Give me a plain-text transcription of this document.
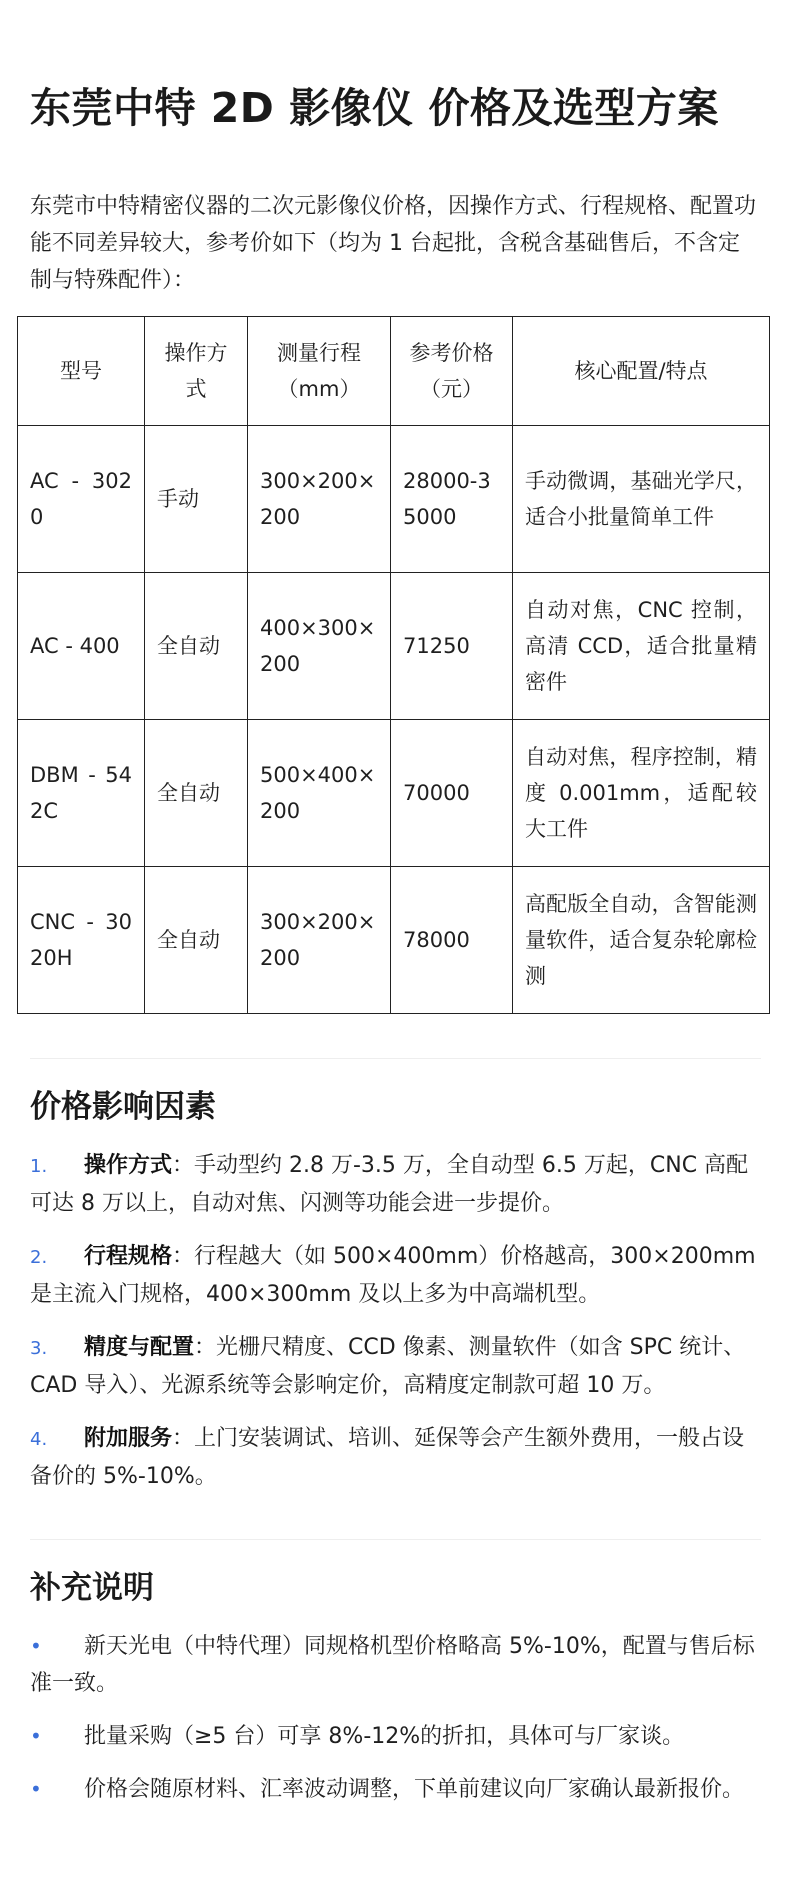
东莞中特 2D 影像仪 价格及选型方案

东莞市中特精密仪器的二次元影像仪价格，因操作方式、行程规格、配置功能不同差异较大，参考价如下（均为 1 台起批，含税含基础售后，不含定制与特殊配件）：

型号	操作方式	测量行程（mm）	参考价格（元）	核心配置/特点
AC - 3020	手动	300×200×200	28000-35000	手动微调，基础光学尺，适合小批量简单工件
AC - 400	全自动	400×300×200	71250	自动对焦，CNC 控制，高清 CCD，适合批量精密件
DBM - 542C	全自动	500×400×200	70000	自动对焦，程序控制，精度 0.001mm，适配较大工件
CNC - 3020H	全自动	300×200×200	78000	高配版全自动，含智能测量软件，适合复杂轮廓检测
价格影响因素
1. 操作方式：手动型约 2.8 万-3.5 万，全自动型 6.5 万起，CNC 高配可达 8 万以上，自动对焦、闪测等功能会进一步提价。
2. 行程规格：行程越大（如 500×400mm）价格越高，300×200mm 是主流入门规格，400×300mm 及以上多为中高端机型。
3. 精度与配置：光栅尺精度、CCD 像素、测量软件（如含 SPC 统计、CAD 导入）、光源系统等会影响定价，高精度定制款可超 10 万。
4. 附加服务：上门安装调试、培训、延保等会产生额外费用，一般占设备价的 5%-10%。
补充说明
• 新天光电（中特代理）同规格机型价格略高 5%-10%，配置与售后标准一致。
• 批量采购（≥5 台）可享 8%-12%的折扣，具体可与厂家谈。
• 价格会随原材料、汇率波动调整，下单前建议向厂家确认最新报价。
